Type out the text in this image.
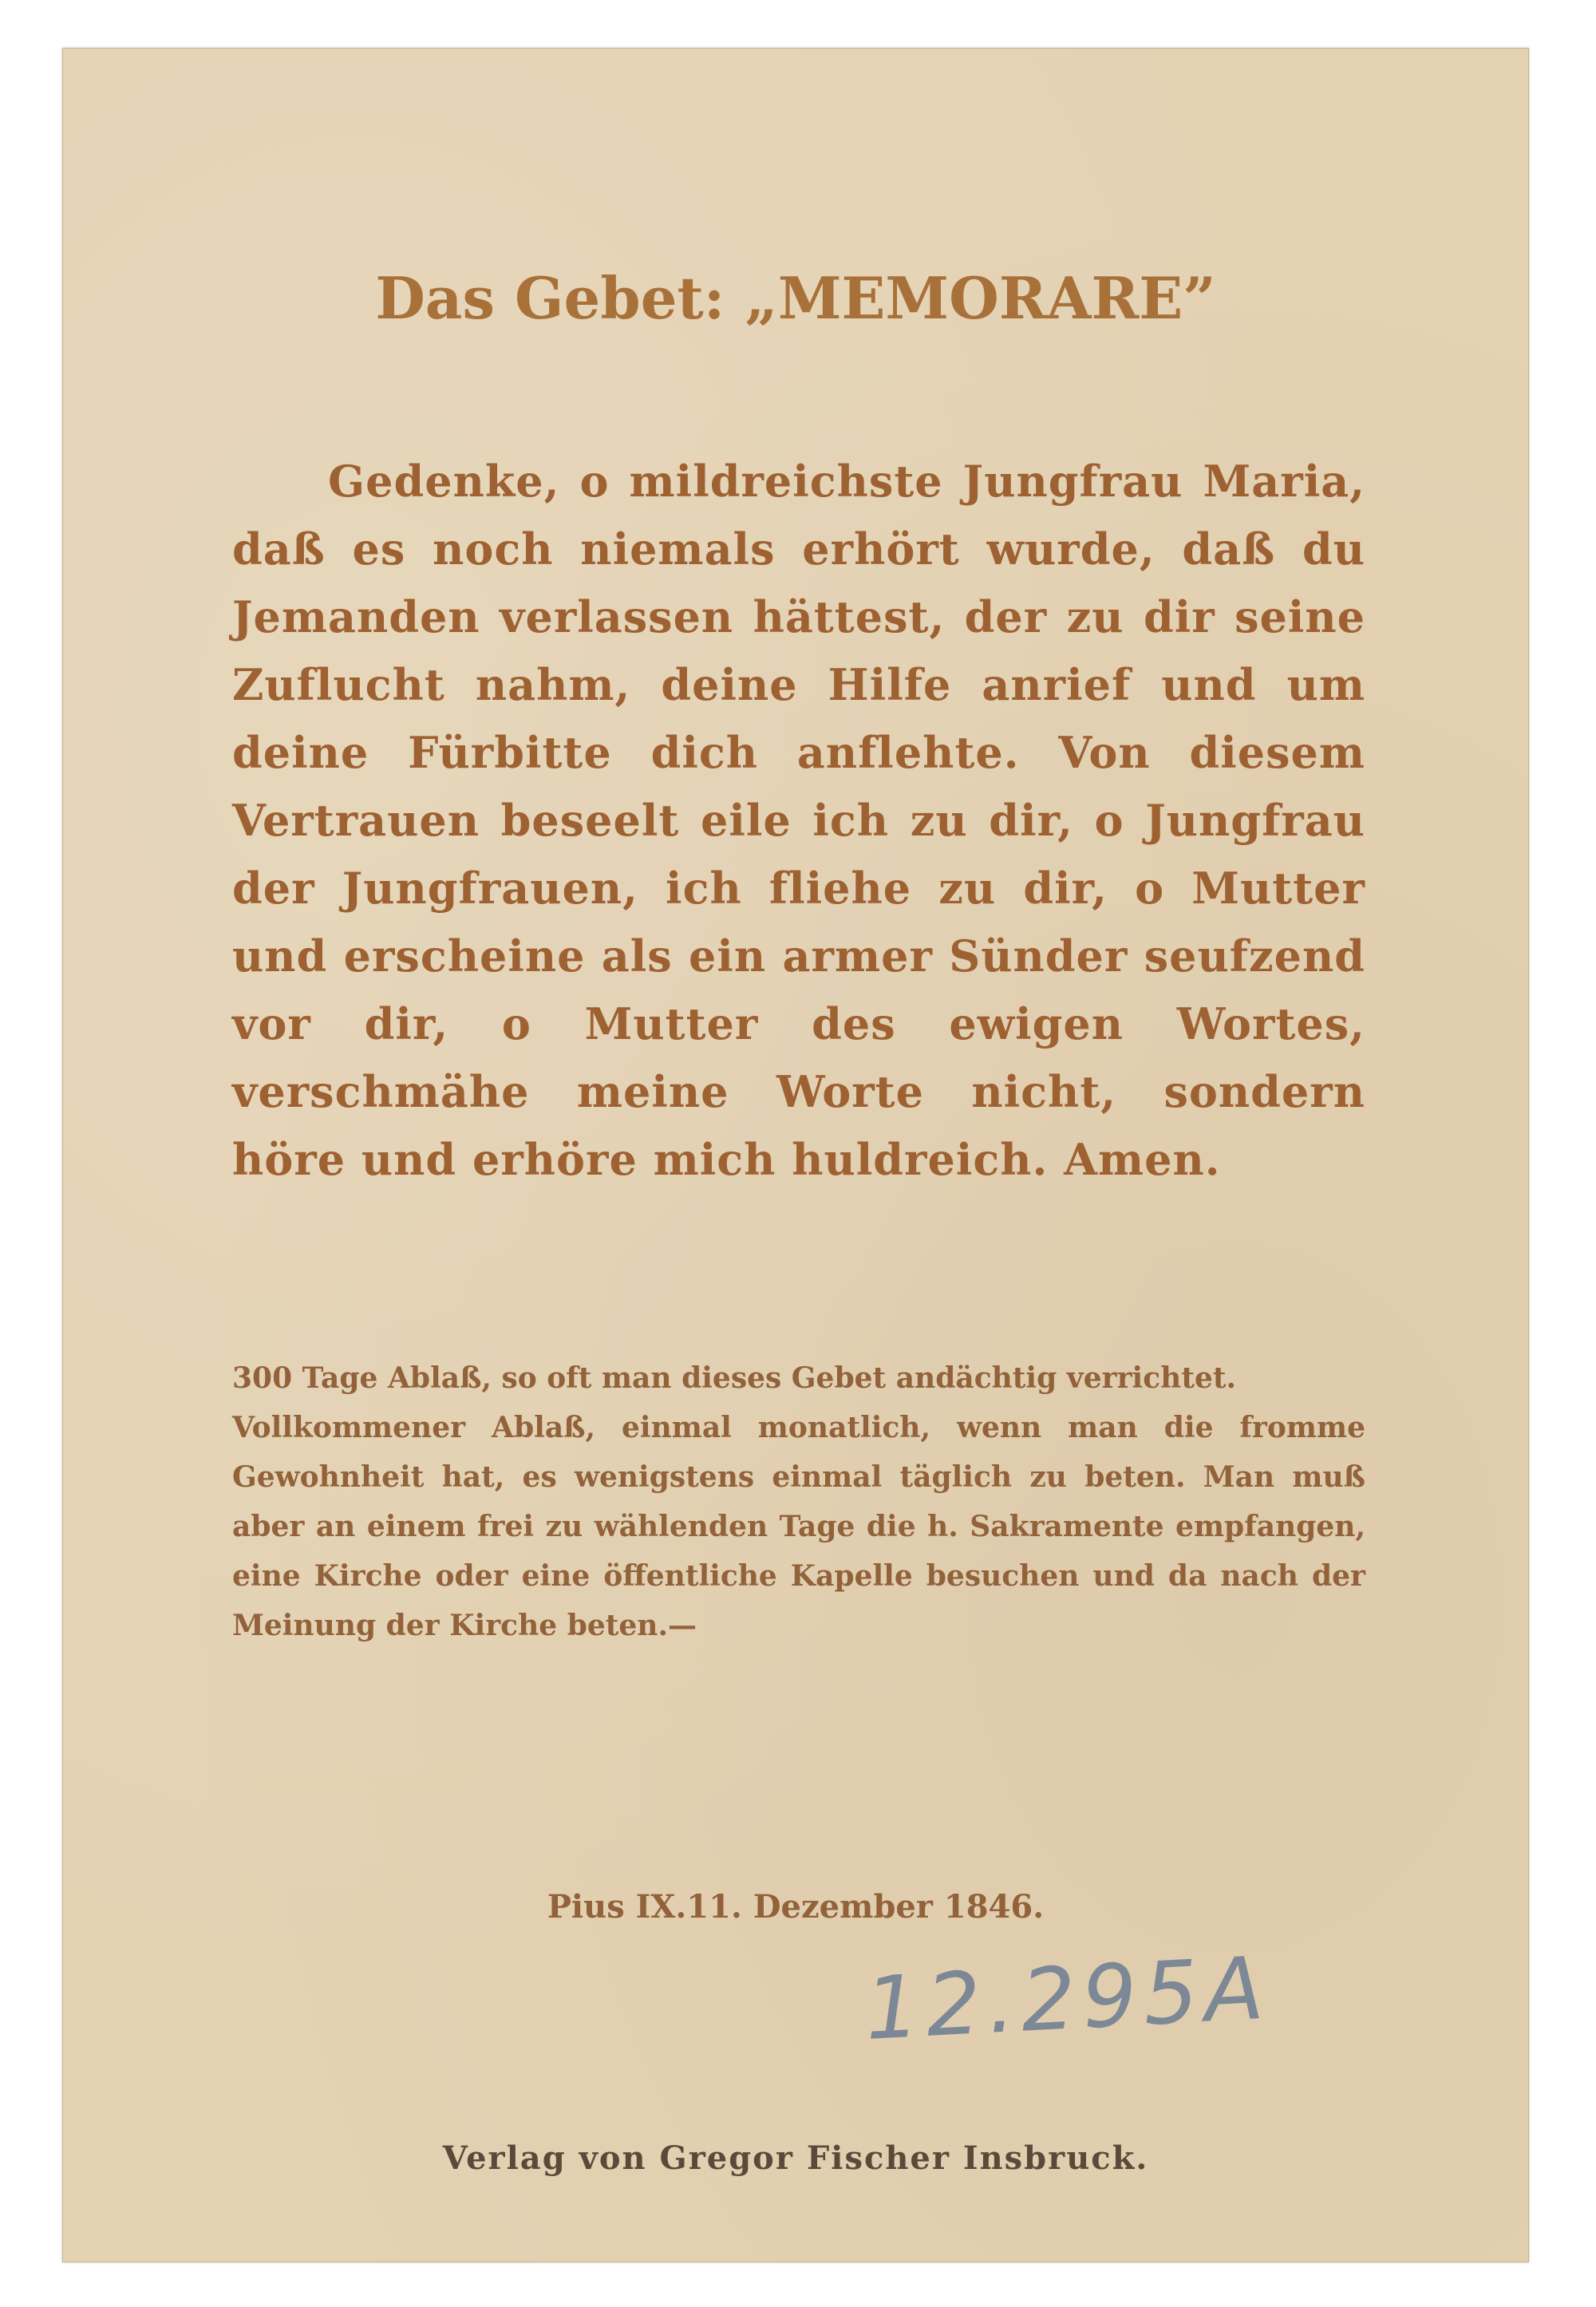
Das Gebet: „MEMORARE”
Gedenke, o mildreichste Jungfrau Maria, daß es noch niemals erhört wurde, daß du Jemanden verlassen hättest, der zu dir seine Zuflucht nahm, deine Hilfe anrief und um deine Fürbitte dich anflehte. Von diesem Vertrauen beseelt eile ich zu dir, o Jungfrau der Jungfrauen, ich fliehe zu dir, o Mutter und erscheine als ein armer Sünder seufzend vor dir, o Mutter des ewigen Wortes, verschmähe meine Worte nicht, sondern höre und erhöre mich huldreich. Amen.

300 Tage Ablaß, so oft man dieses Gebet andächtig verrichtet.

Vollkommener Ablaß, einmal monatlich, wenn man die fromme Gewohnheit hat, es wenigstens einmal täglich zu beten. Man muß aber an einem frei zu wählenden Tage die h. Sakramente empfangen, eine Kirche oder eine öffentliche Kapelle besuchen und da nach der Meinung der Kirche beten.—

Pius IX.11. Dezember 1846.
12.295A
Verlag von Gregor Fischer Insbruck.
